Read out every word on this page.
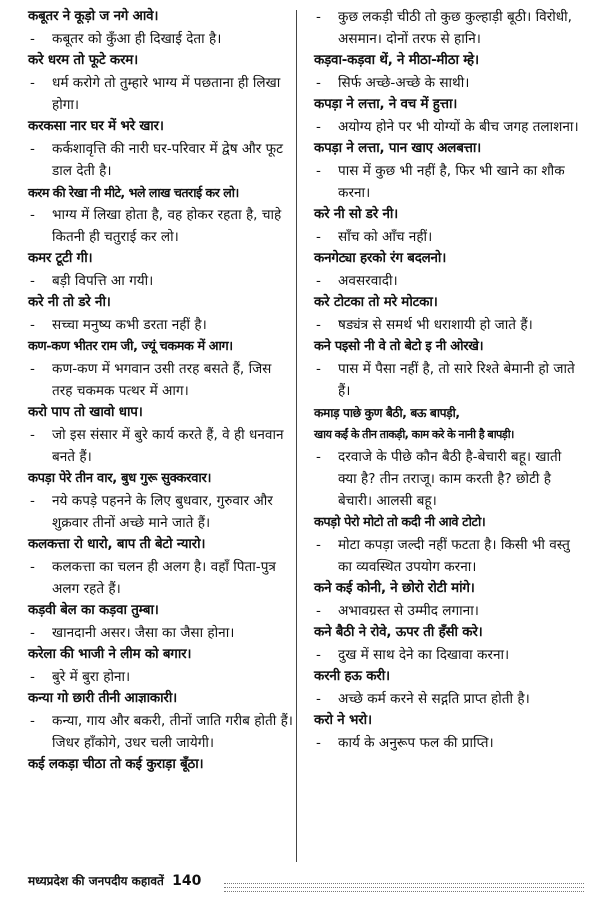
कबूतर ने कूड़ो ज नगे आवे।
- कबूतर को कुँआ ही दिखाई देता है।
करे धरम तो फूटे करम।
- धर्म करोगे तो तुम्हारे भाग्य में पछताना ही लिखा होगा।
करकसा नार घर में भरे खार।
- कर्कशावृत्ति की नारी घर-परिवार में द्वेष और फूट डाल देती है।
करम की रेखा नी मीटे, भले लाख चतराई कर लो।
- भाग्य में लिखा होता है, वह होकर रहता है, चाहे कितनी ही चतुराई कर लो।
कमर टूटी गी।
- बड़ी विपत्ति आ गयी।
करे नी तो डरे नी।
- सच्चा मनुष्य कभी डरता नहीं है।
कण-कण भीतर राम जी, ज्यूं चकमक में आग।
- कण-कण में भगवान उसी तरह बसते हैं, जिस तरह चकमक पत्थर में आग।
करो पाप तो खावो धाप।
- जो इस संसार में बुरे कार्य करते हैं, वे ही धनवान बनते हैं।
कपड़ा पेरे तीन वार, बुध गुरू सुक्करवार।
- नये कपड़े पहनने के लिए बुधवार, गुरुवार और शुक्रवार तीनों अच्छे माने जाते हैं।
कलकत्ता रो धारो, बाप ती बेटो न्यारो।
- कलकत्ता का चलन ही अलग है। वहाँ पिता-पुत्र अलग रहते हैं।
कड़वी बेल का कड़वा तुम्बा।
- खानदानी असर। जैसा का जैसा होना।
करेला की भाजी ने लीम को बगार।
- बुरे में बुरा होना।
कन्या गो छारी तीनी आज्ञाकारी।
- कन्या, गाय और बकरी, तीनों जाति गरीब होती हैं। जिधर हाँकोगे, उधर चली जायेगी।
कई लकड़ा चीठा तो कई कुराड़ा बूँठा।
- कुछ लकड़ी चीठी तो कुछ कुल्हाड़ी बूठी। विरोधी, असमान। दोनों तरफ से हानि।
कड़वा-कड़वा थें, ने मीठा-मीठा म्हे।
- सिर्फ अच्छे-अच्छे के साथी।
कपड़ा ने लत्ता, ने वच में हुत्ता।
- अयोग्य होने पर भी योग्यों के बीच जगह तलाशना।
कपड़ा ने लत्ता, पान खाए अलबत्ता।
- पास में कुछ भी नहीं है, फिर भी खाने का शौक करना।
करे नी सो डरे नी।
- साँच को आँच नहीं।
कनगेट्या हरको रंग बदलनो।
- अवसरवादी।
करे टोटका तो मरे मोटका।
- षड्यंत्र से समर्थ भी धराशायी हो जाते हैं।
कने पइसो नी वे तो बेटो इ नी ओरखे।
- पास में पैसा नहीं है, तो सारे रिश्ते बेमानी हो जाते हैं।
कमाड़ पाछे कुण बैठी, बऊ बापड़ी,
खाय कईं के तीन ताकड़ी, काम करे के नानी है बापड़ी।
- दरवाजे के पीछे कौन बैठी है-बेचारी बहू। खाती क्या है? तीन तराजू। काम करती है? छोटी है बेचारी। आलसी बहू।
कपड़ो पेरो मोटो तो कदी नी आवे टोटो।
- मोटा कपड़ा जल्दी नहीं फटता है। किसी भी वस्तु का व्यवस्थित उपयोग करना।
कने कई कोनी, ने छोरो रोटी मांगे।
- अभावग्रस्त से उम्मीद लगाना।
कने बैठी ने रोवे, ऊपर ती हँसी करे।
- दुख में साथ देने का दिखावा करना।
करनी हऊ करी।
- अच्छे कर्म करने से सद्गति प्राप्त होती है।
करो ने भरो।
- कार्य के अनुरूप फल की प्राप्ति।
मध्यप्रदेश की जनपदीय कहावतें 140
